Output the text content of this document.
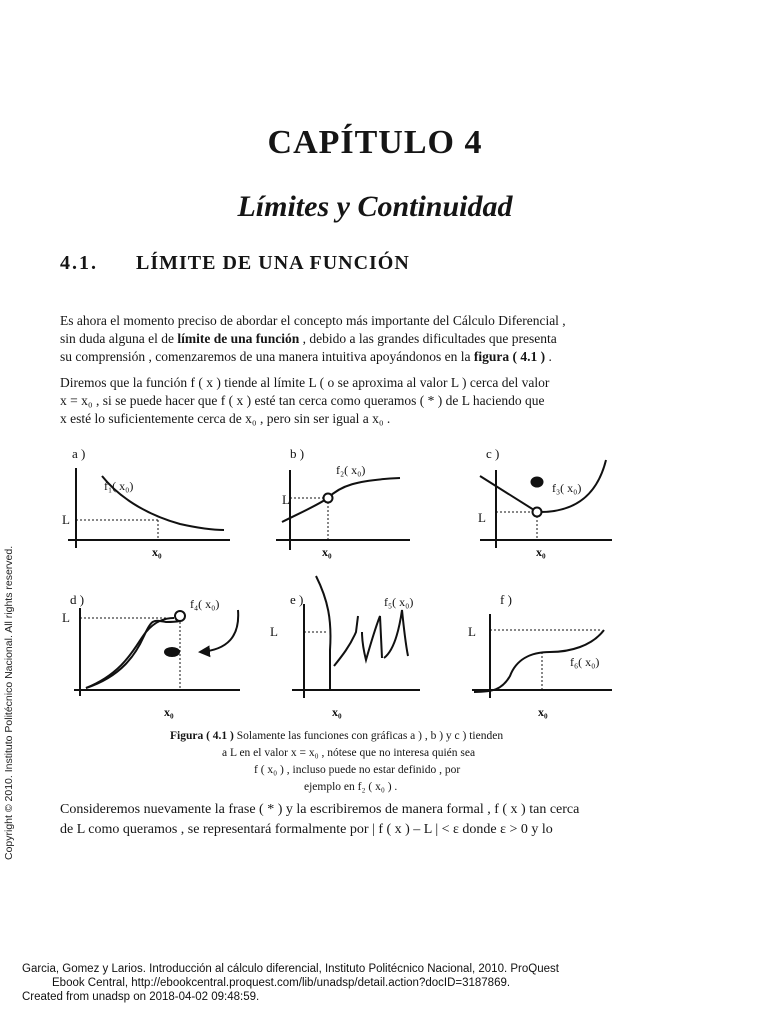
CAPÍTULO 4
Límites y Continuidad
4.1. LÍMITE DE UNA FUNCIÓN
Es ahora el momento preciso de abordar el concepto más importante del Cálculo Diferencial ,
sin duda alguna el de límite de una función , debido a las grandes dificultades que presenta
su comprensión , comenzaremos de una manera intuitiva apoyándonos en la figura ( 4.1 ) .
Diremos que la función f ( x ) tiende al límite L ( o se aproxima al valor L ) cerca del valor
x = x₀ , si se puede hacer que f ( x ) esté tan cerca como queramos ( * ) de L haciendo que
x esté lo suficientemente cerca de x₀ , pero sin ser igual a x₀ .
a )
f₁( x₀)
L
x₀
b )
f₂( x₀)
L
x₀
c )
f₃( x₀)
L
x₀
d )	f₄( x₀)
L
x₀
e )	f₅( x₀)
L
x₀
f )
f₆( x₀)
L
x₀
Figura ( 4.1 ) Solamente las funciones con gráficas a ) , b ) y c ) tienden
a L en el valor x = x₀ , nótese que no interesa quién sea
f ( x₀ ) , incluso puede no estar definido , por
ejemplo en f₂ ( x₀ ) .
Consideremos nuevamente la frase ( * ) y la escribiremos de manera formal , f ( x ) tan cerca
de L como queramos , se representará formalmente por | f ( x ) – L | < ε donde ε > 0 y lo
Copyright © 2010. Instituto Politécnico Nacional. All rights reserved.
Garcia, Gomez y Larios. Introducción al cálculo diferencial, Instituto Politécnico Nacional, 2010. ProQuest
Ebook Central, http://ebookcentral.proquest.com/lib/unadsp/detail.action?docID=3187869.
Created from unadsp on 2018-04-02 09:48:59.
